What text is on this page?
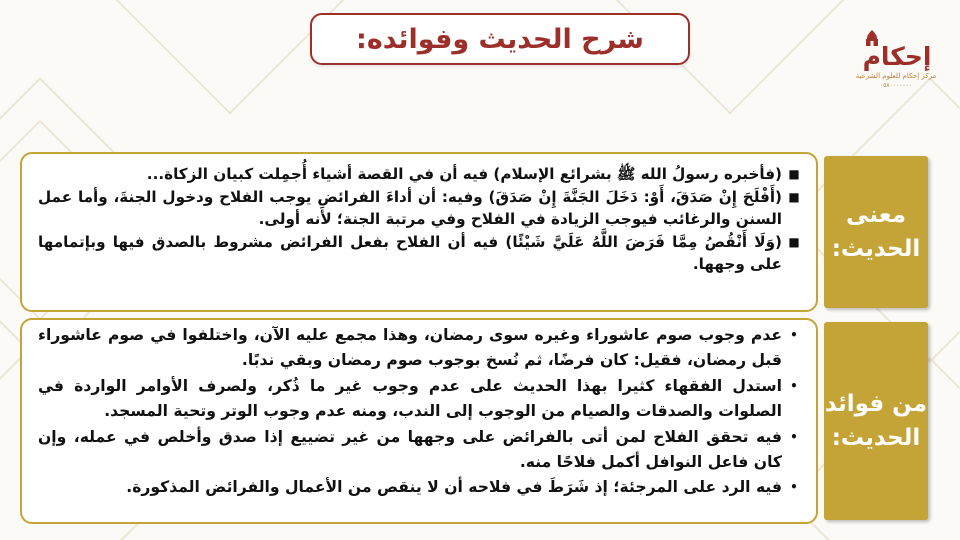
شرح الحديث وفوائده:
إحكام
مركز إحكام للعلوم الشرعية
٠٥٨٠٠٠٠٠٠٠
■
(فأخبره رسولُ الله ﷺ بشرائع الإسلام) فيه أن في القصة أشياء أُجمِلت كبيان الزكاة...
■
(أَفْلَحَ إِنْ صَدَقَ، أَوْ: دَخَلَ الجَنَّةَ إِنْ صَدَقَ) وفيه: أن أداءَ الفرائضِ يوجب الفلاح ودخول الجنةَ، وأما عمل السنن والرغائب فيوجب الزيادة في الفلاح وفي مرتبة الجنة؛ لأنه أولى.
■
(وَلَا أَنْقُصُ مِمَّا فَرَضَ اللَّهُ عَلَيَّ شَيْئًا) فيه أن الفلاح بفعل الفرائض مشروط بالصدق فيها وبإتمامها على وجهها.
معنى الحديث:
•
عدم وجوب صوم عاشوراء وغيره سوى رمضان، وهذا مجمع عليه الآن، واختلفوا في صوم عاشوراء قبل رمضان، فقيل: كان فرضًا، ثم نُسخ بوجوب صوم رمضان وبقي ندبًا.
•
استدل الفقهاء كثيرا بهذا الحديث على عدم وجوب غير ما ذُكر، ولصرف الأوامر الواردة في الصلوات والصدقات والصيام من الوجوب إلى الندب، ومنه عدم وجوب الوتر وتحية المسجد.
•
فيه تحقق الفلاح لمن أتى بالفرائض على وجهها من غير تضييع إذا صدق وأخلص في عمله، وإن كان فاعل النوافل أكمل فلاحًا منه.
•
فيه الرد على المرجئة؛ إذ شَرَطَ في فلاحه أن لا ينقص من الأعمال والفرائض المذكورة.
من فوائد الحديث:
